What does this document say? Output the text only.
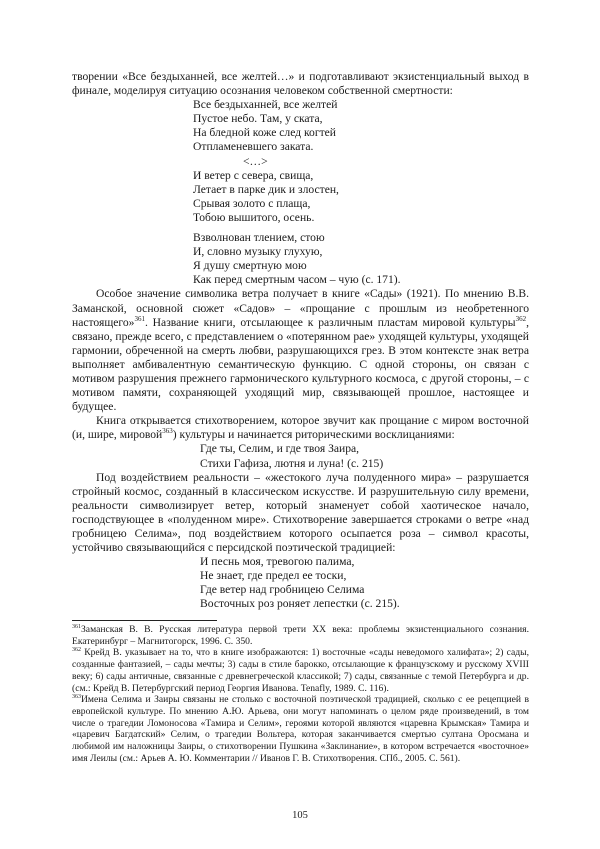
творении «Все бездыханней, все желтей…» и подготавливают экзистенциальный выход в финале, моделируя ситуацию осознания человеком собственной смертности:

Все бездыханней, все желтей
Пустое небо. Там, у ската,
На бледной коже след когтей
Отпламеневшего заката.
<…>
И ветер с севера, свища,
Летает в парке дик и злостен,
Срывая золото с плаща,
Тобою вышитого, осень.
Взволнован тлением, стою
И, словно музыку глухую,
Я душу смертную мою
Как перед смертным часом – чую (с. 171).

Особое значение символика ветра получает в книге «Сады» (1921). По мнению В.В. Заманской, основной сюжет «Садов» – «прощание с прошлым из необретенного настоящего»$^{361}$. Название книги, отсылающее к различным пластам мировой культуры$^{362}$, связано, прежде всего, с представлением о «потерянном рае» уходящей культуры, уходящей гармонии, обреченной на смерть любви, разрушающихся грез. В этом контексте знак ветра выполняет амбивалентную семантическую функцию. С одной стороны, он связан с мотивом разрушения прежнего гармонического культурного космоса, с другой стороны, – с мотивом памяти, сохраняющей уходящий мир, связывающей прошлое, настоящее и будущее.

Книга открывается стихотворением, которое звучит как прощание с миром восточной (и, шире, мировой$^{363}$) культуры и начинается риторическими восклицаниями:

Где ты, Селим, и где твоя Заира,
Стихи Гафиза, лютня и луна! (с. 215)

Под воздействием реальности – «жестокого луча полуденного мира» – разрушается стройный космос, созданный в классическом искусстве. И разрушительную силу времени, реальности символизирует ветер, который знаменует собой хаотическое начало, господствующее в «полуденном мире». Стихотворение завершается строками о ветре «над гробницею Селима», под воздействием которого осыпается роза – символ красоты, устойчиво связывающийся с персидской поэтической традицией:

И песнь моя, тревогою палима,
Не знает, где предел ее тоски,
Где ветер над гробницею Селима
Восточных роз роняет лепестки (с. 215).

$^{361}$Заманская В. В. Русская литература первой трети XX века: проблемы экзистенциального сознания. Екатеринбург – Магнитогорск, 1996. С. 350.

$^{362}$ Крейд В. указывает на то, что в книге изображаются: 1) восточные «сады неведомого халифата»; 2) сады, созданные фантазией, – сады мечты; 3) сады в стиле барокко, отсылающие к французскому и русскому XVIII веку; 6) сады античные, связанные с древнегреческой классикой; 7) сады, связанные с темой Петербурга и др. (см.: Крейд В. Петербургский период Георгия Иванова. Tenafly, 1989. С. 116).

$^{363}$Имена Селима и Заиры связаны не столько с восточной поэтической традицией, сколько с ее рецепцией в европейской культуре. По мнению А.Ю. Арьева, они могут напоминать о целом ряде произведений, в том числе о трагедии Ломоносова «Тамира и Селим», героями которой являются «царевна Крымская» Тамира и «царевич Багдатский» Селим, о трагедии Вольтера, которая заканчивается смертью султана Оросмана и любимой им наложницы Заиры, о стихотворении Пушкина «Заклинание», в котором встречается «восточное» имя Леилы (см.: Арьев А. Ю. Комментарии // Иванов Г. В. Стихотворения. СПб., 2005. С. 561).

105
